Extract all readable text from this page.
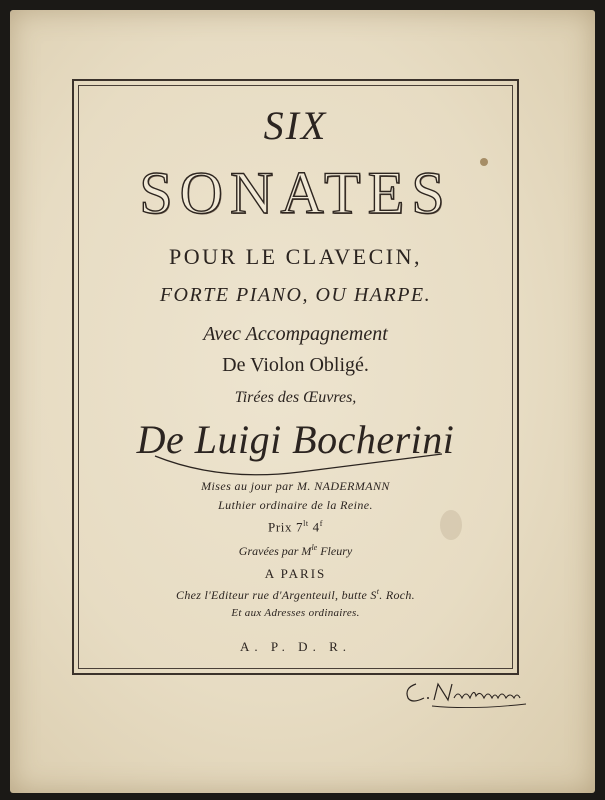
SIX

SONATES

POUR LE CLAVECIN,

FORTE PIANO, OU HARPE.

Avec Accompagnement

De Violon Obligé.

Tirées des Œuvres,

De Luigi Bocherini

Mises au jour par M. NADERMANN

Luthier ordinaire de la Reine.

Prix $7^{lt}$ 4$^f$

Gravées par $M^{le}$ Fleury

A PARIS

Chez l'Editeur rue d'Argenteuil, butte $S^t$. Roch.

Et aux Adresses ordinaires.

A. P. D. R.
